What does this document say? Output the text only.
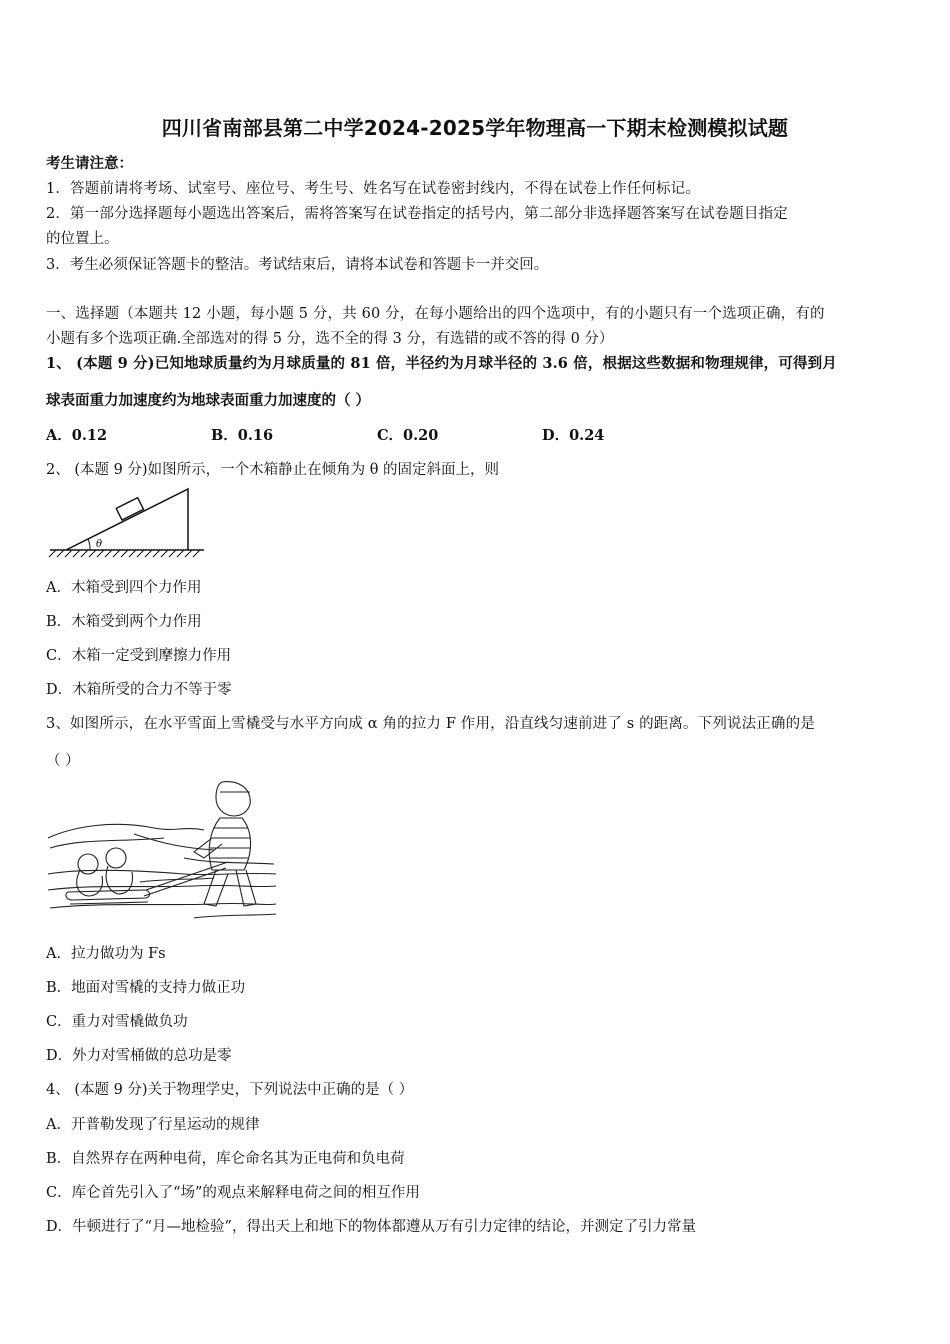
四川省南部县第二中学2024-2025学年物理高一下期末检测模拟试题
考生请注意：
1．答题前请将考场、试室号、座位号、考生号、姓名写在试卷密封线内，不得在试卷上作任何标记。
2．第一部分选择题每小题选出答案后，需将答案写在试卷指定的括号内，第二部分非选择题答案写在试卷题目指定
的位置上。
3．考生必须保证答题卡的整洁。考试结束后，请将本试卷和答题卡一并交回。
一、选择题（本题共 12 小题，每小题 5 分，共 60 分，在每小题给出的四个选项中，有的小题只有一个选项正确，有的
小题有多个选项正确.全部选对的得 5 分，选不全的得 3 分，有选错的或不答的得 0 分）
1、 (本题 9 分)已知地球质量约为月球质量的 81 倍，半径约为月球半径的 3.6 倍，根据这些数据和物理规律，可得到月
球表面重力加速度约为地球表面重力加速度的（ ）
A．0.12	B．0.16	C．0.20	D．0.24
2、 (本题 9 分)如图所示，一个木箱静止在倾角为 θ 的固定斜面上，则
θ
A．木箱受到四个力作用
B．木箱受到两个力作用
C．木箱一定受到摩擦力作用
D．木箱所受的合力不等于零
3、如图所示，在水平雪面上雪橇受与水平方向成 α 角的拉力 F 作用，沿直线匀速前进了 s 的距离。下列说法正确的是
（ ）
A．拉力做功为 Fs
B．地面对雪橇的支持力做正功
C．重力对雪橇做负功
D．外力对雪桶做的总功是零
4、 (本题 9 分)关于物理学史，下列说法中正确的是（ ）
A．开普勒发现了行星运动的规律
B．自然界存在两种电荷，库仑命名其为正电荷和负电荷
C．库仑首先引入了“场”的观点来解释电荷之间的相互作用
D．牛顿进行了“月—地检验”，得出天上和地下的物体都遵从万有引力定律的结论，并测定了引力常量
